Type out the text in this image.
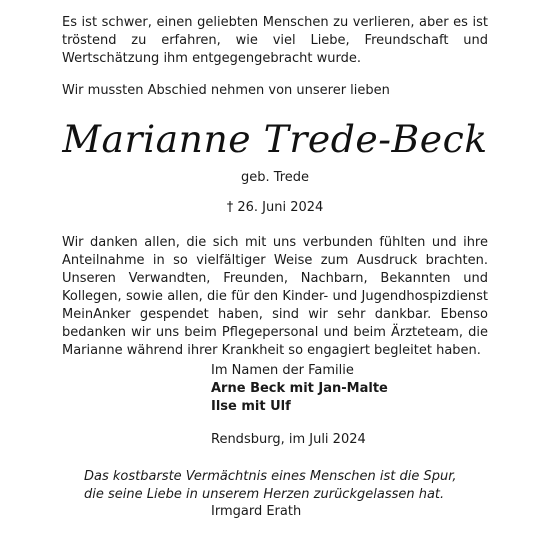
Es ist schwer, einen geliebten Menschen zu verlieren, aber es ist tröstend zu erfahren, wie viel Liebe, Freundschaft und Wertschätzung ihm entgegengebracht wurde.

Wir mussten Abschied nehmen von unserer lieben

Marianne Trede-Beck
geb. Trede
† 26. Juni 2024

Wir danken allen, die sich mit uns verbunden fühlten und ihre Anteilnahme in so vielfältiger Weise zum Ausdruck brachten. Unseren Verwandten, Freunden, Nachbarn, Bekannten und Kollegen, sowie allen, die für den Kinder- und Jugendhospizdienst MeinAnker gespendet haben, sind wir sehr dankbar. Ebenso bedanken wir uns beim Pflegepersonal und beim Ärzteteam, die Marianne während ihrer Krankheit so engagiert begleitet haben.

Im Namen der Familie
Arne Beck mit Jan-Malte
Ilse mit Ulf
Rendsburg, im Juli 2024
Das kostbarste Vermächtnis eines Menschen ist die Spur,
die seine Liebe in unserem Herzen zurückgelassen hat.
Irmgard Erath
